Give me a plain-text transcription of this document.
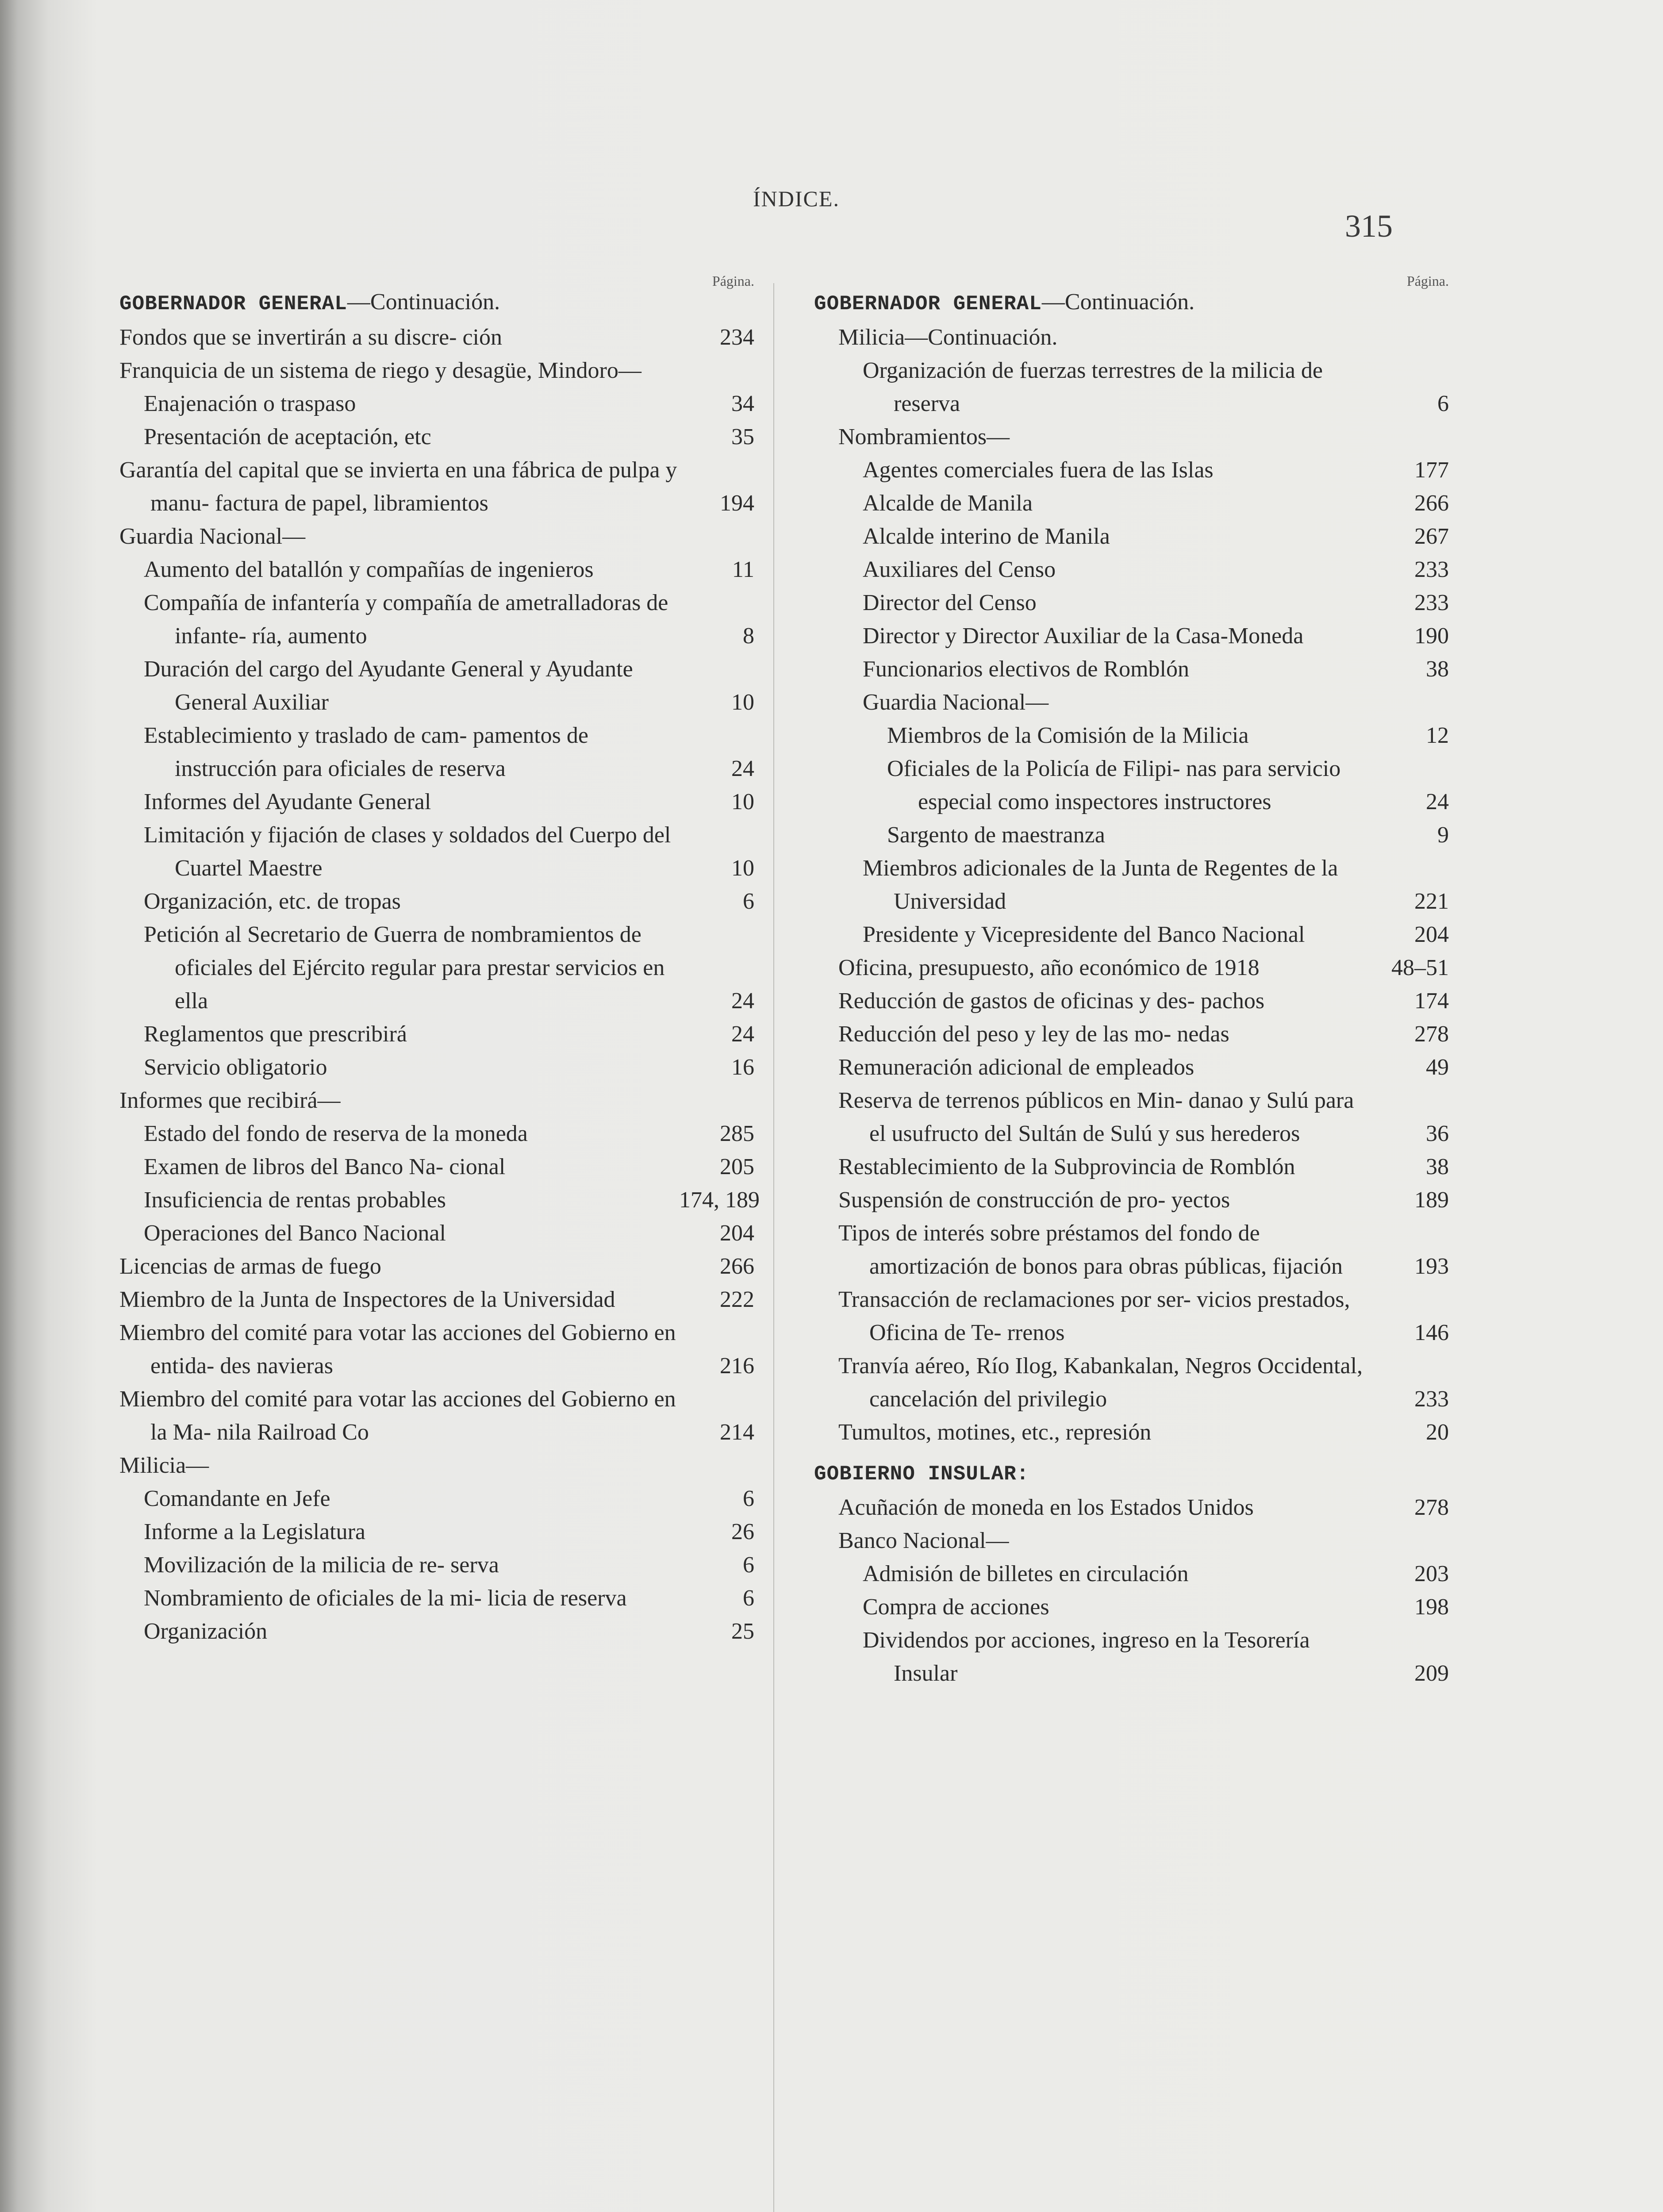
ÍNDICE.
315
Página.
GOBERNADOR GENERAL—Continuación.
Fondos que se invertirán a su discre- ción	234
Franquicia de un sistema de riego y desagüe, Mindoro—
Enajenación o traspaso	34
Presentación de aceptación, etc	35
Garantía del capital que se invierta en una fábrica de pulpa y manu- factura de papel, libramientos	194
Guardia Nacional—
Aumento del batallón y compañías de ingenieros	11
Compañía de infantería y compañía de ametralladoras de infante- ría, aumento	8
Duración del cargo del Ayudante General y Ayudante General Auxiliar	10
Establecimiento y traslado de cam- pamentos de instrucción para oficiales de reserva	24
Informes del Ayudante General	10
Limitación y fijación de clases y soldados del Cuerpo del Cuartel Maestre	10
Organización, etc. de tropas	6
Petición al Secretario de Guerra de nombramientos de oficiales del Ejército regular para prestar servicios en ella	24
Reglamentos que prescribirá	24
Servicio obligatorio	16
Informes que recibirá—
Estado del fondo de reserva de la moneda	285
Examen de libros del Banco Na- cional	205
Insuficiencia de rentas probables	174, 189
Operaciones del Banco Nacional	204
Licencias de armas de fuego	266
Miembro de la Junta de Inspectores de la Universidad	222
Miembro del comité para votar las acciones del Gobierno en entida- des navieras	216
Miembro del comité para votar las acciones del Gobierno en la Ma- nila Railroad Co	214
Milicia—
Comandante en Jefe	6
Informe a la Legislatura	26
Movilización de la milicia de re- serva	6
Nombramiento de oficiales de la mi- licia de reserva	6
Organización	25
Página.
GOBERNADOR GENERAL—Continuación.
Milicia—Continuación.
Organización de fuerzas terrestres de la milicia de reserva	6
Nombramientos—
Agentes comerciales fuera de las Islas	177
Alcalde de Manila	266
Alcalde interino de Manila	267
Auxiliares del Censo	233
Director del Censo	233
Director y Director Auxiliar de la Casa-Moneda	190
Funcionarios electivos de Romblón	38
Guardia Nacional—
Miembros de la Comisión de la Milicia	12
Oficiales de la Policía de Filipi- nas para servicio especial como inspectores instructores	24
Sargento de maestranza	9
Miembros adicionales de la Junta de Regentes de la Universidad	221
Presidente y Vicepresidente del Banco Nacional	204
Oficina, presupuesto, año económico de 1918	48–51
Reducción de gastos de oficinas y des- pachos	174
Reducción del peso y ley de las mo- nedas	278
Remuneración adicional de empleados	49
Reserva de terrenos públicos en Min- danao y Sulú para el usufructo del Sultán de Sulú y sus herederos	36
Restablecimiento de la Subprovincia de Romblón	38
Suspensión de construcción de pro- yectos	189
Tipos de interés sobre préstamos del fondo de amortización de bonos para obras públicas, fijación	193
Transacción de reclamaciones por ser- vicios prestados, Oficina de Te- rrenos	146
Tranvía aéreo, Río Ilog, Kabankalan, Negros Occidental, cancelación del privilegio	233
Tumultos, motines, etc., represión	20
GOBIERNO INSULAR:
Acuñación de moneda en los Estados Unidos	278
Banco Nacional—
Admisión de billetes en circulación	203
Compra de acciones	198
Dividendos por acciones, ingreso en la Tesorería Insular	209
